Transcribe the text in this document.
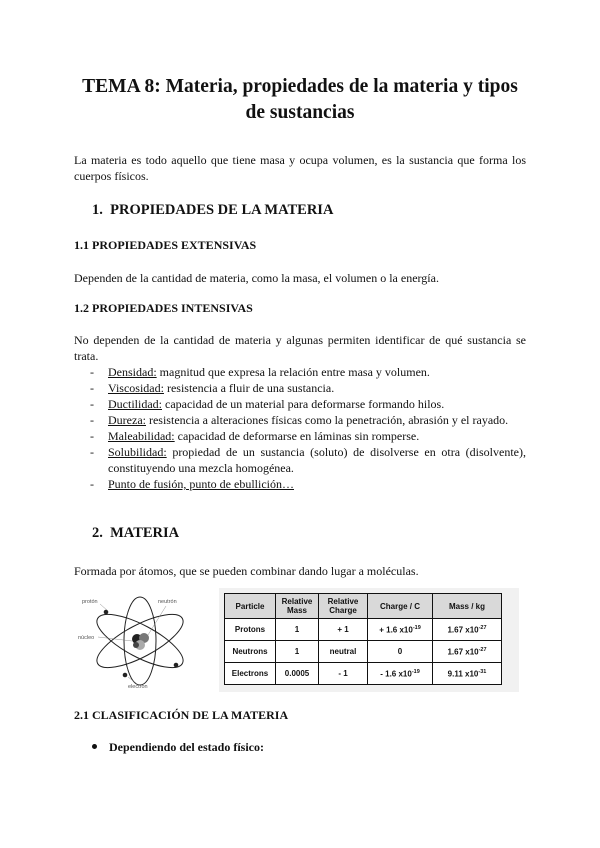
TEMA 8: Materia, propiedades de la materia y tipos
de sustancias

La materia es todo aquello que tiene masa y ocupa volumen, es la sustancia que forma los cuerpos físicos.

1. PROPIEDADES DE LA MATERIA
1.1 PROPIEDADES EXTENSIVAS

Dependen de la cantidad de materia, como la masa, el volumen o la energía.

1.2 PROPIEDADES INTENSIVAS

No dependen de la cantidad de materia y algunas permiten identificar de qué sustancia se trata.

- Densidad: magnitud que expresa la relación entre masa y volumen.
- Viscosidad: resistencia a fluir de una sustancia.
- Ductilidad: capacidad de un material para deformarse formando hilos.
- Dureza: resistencia a alteraciones físicas como la penetración, abrasión y el rayado.
- Maleabilidad: capacidad de deformarse en láminas sin romperse.
- Solubilidad: propiedad de un sustancia (soluto) de disolverse en otra (disolvente), constituyendo una mezcla homogénea.
- Punto de fusión, punto de ebullición…
2. MATERIA

Formada por átomos, que se pueden combinar dando lugar a moléculas.

protón	neutrón
núcleo
electrón
Particle	Relative Mass	Relative Charge	Charge / C	Mass / kg
Protons	1	+ 1	+ 1.6 $x10^{-19}$	1.67 $x10^{-27}$
Neutrons	1	neutral	0	1.67 $x10^{-27}$
Electrons	0.0005	- 1	- 1.6 $x10^{-19}$	9.11 $x10^{-31}$
2.1 CLASIFICACIÓN DE LA MATERIA

Dependiendo del estado físico:
